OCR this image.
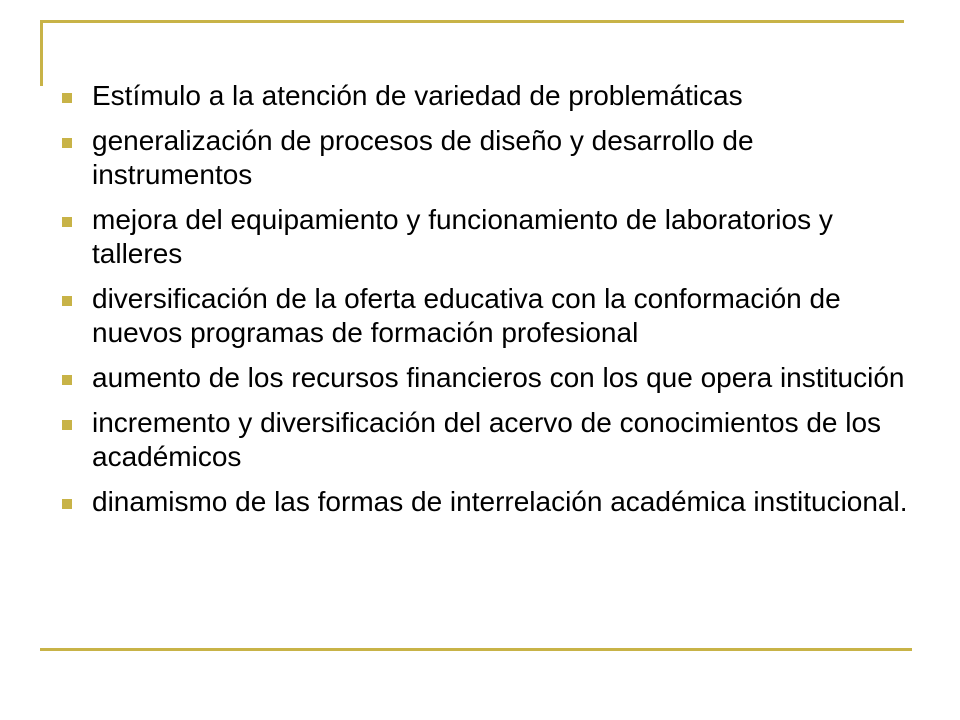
Estímulo a la atención de variedad de problemáticas
generalización de procesos de diseño y desarrollo de instrumentos
mejora del equipamiento y funcionamiento de laboratorios y talleres
diversificación de la oferta educativa con la conformación de nuevos programas de formación profesional
aumento de los recursos financieros con los que opera institución
incremento y diversificación del acervo de conocimientos de los académicos
dinamismo de las formas de interrelación académica institucional.
